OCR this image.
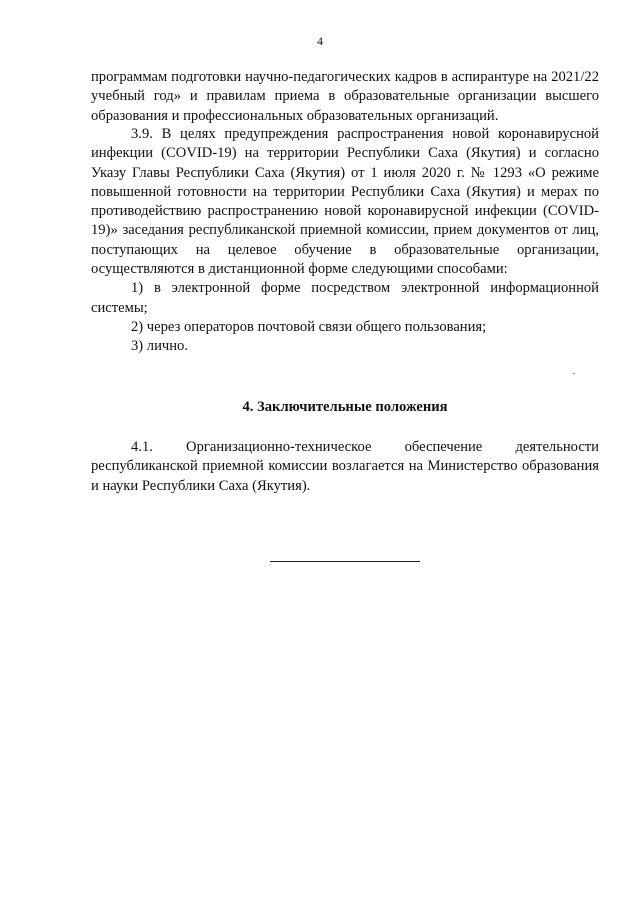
4

программам подготовки научно-педагогических кадров в аспирантуре на 2021/22 учебный год» и правилам приема в образовательные организации высшего образования и профессиональных образовательных организаций.

3.9. В целях предупреждения распространения новой коронавирусной инфекции (COVID-19) на территории Республики Саха (Якутия) и согласно Указу Главы Республики Саха (Якутия) от 1 июля 2020 г. № 1293 «О режиме повышенной готовности на территории Республики Саха (Якутия) и мерах по противодействию распространению новой коронавирусной инфекции (COVID-19)» заседания республиканской приемной комиссии, прием документов от лиц, поступающих на целевое обучение в образовательные организации, осуществляются в дистанционной форме следующими способами:

1) в электронной форме посредством электронной информационной системы;

2) через операторов почтовой связи общего пользования;

3) лично.

4. Заключительные положения

4.1. Организационно-техническое обеспечение деятельности республиканской приемной комиссии возлагается на Министерство образования и науки Республики Саха (Якутия).
